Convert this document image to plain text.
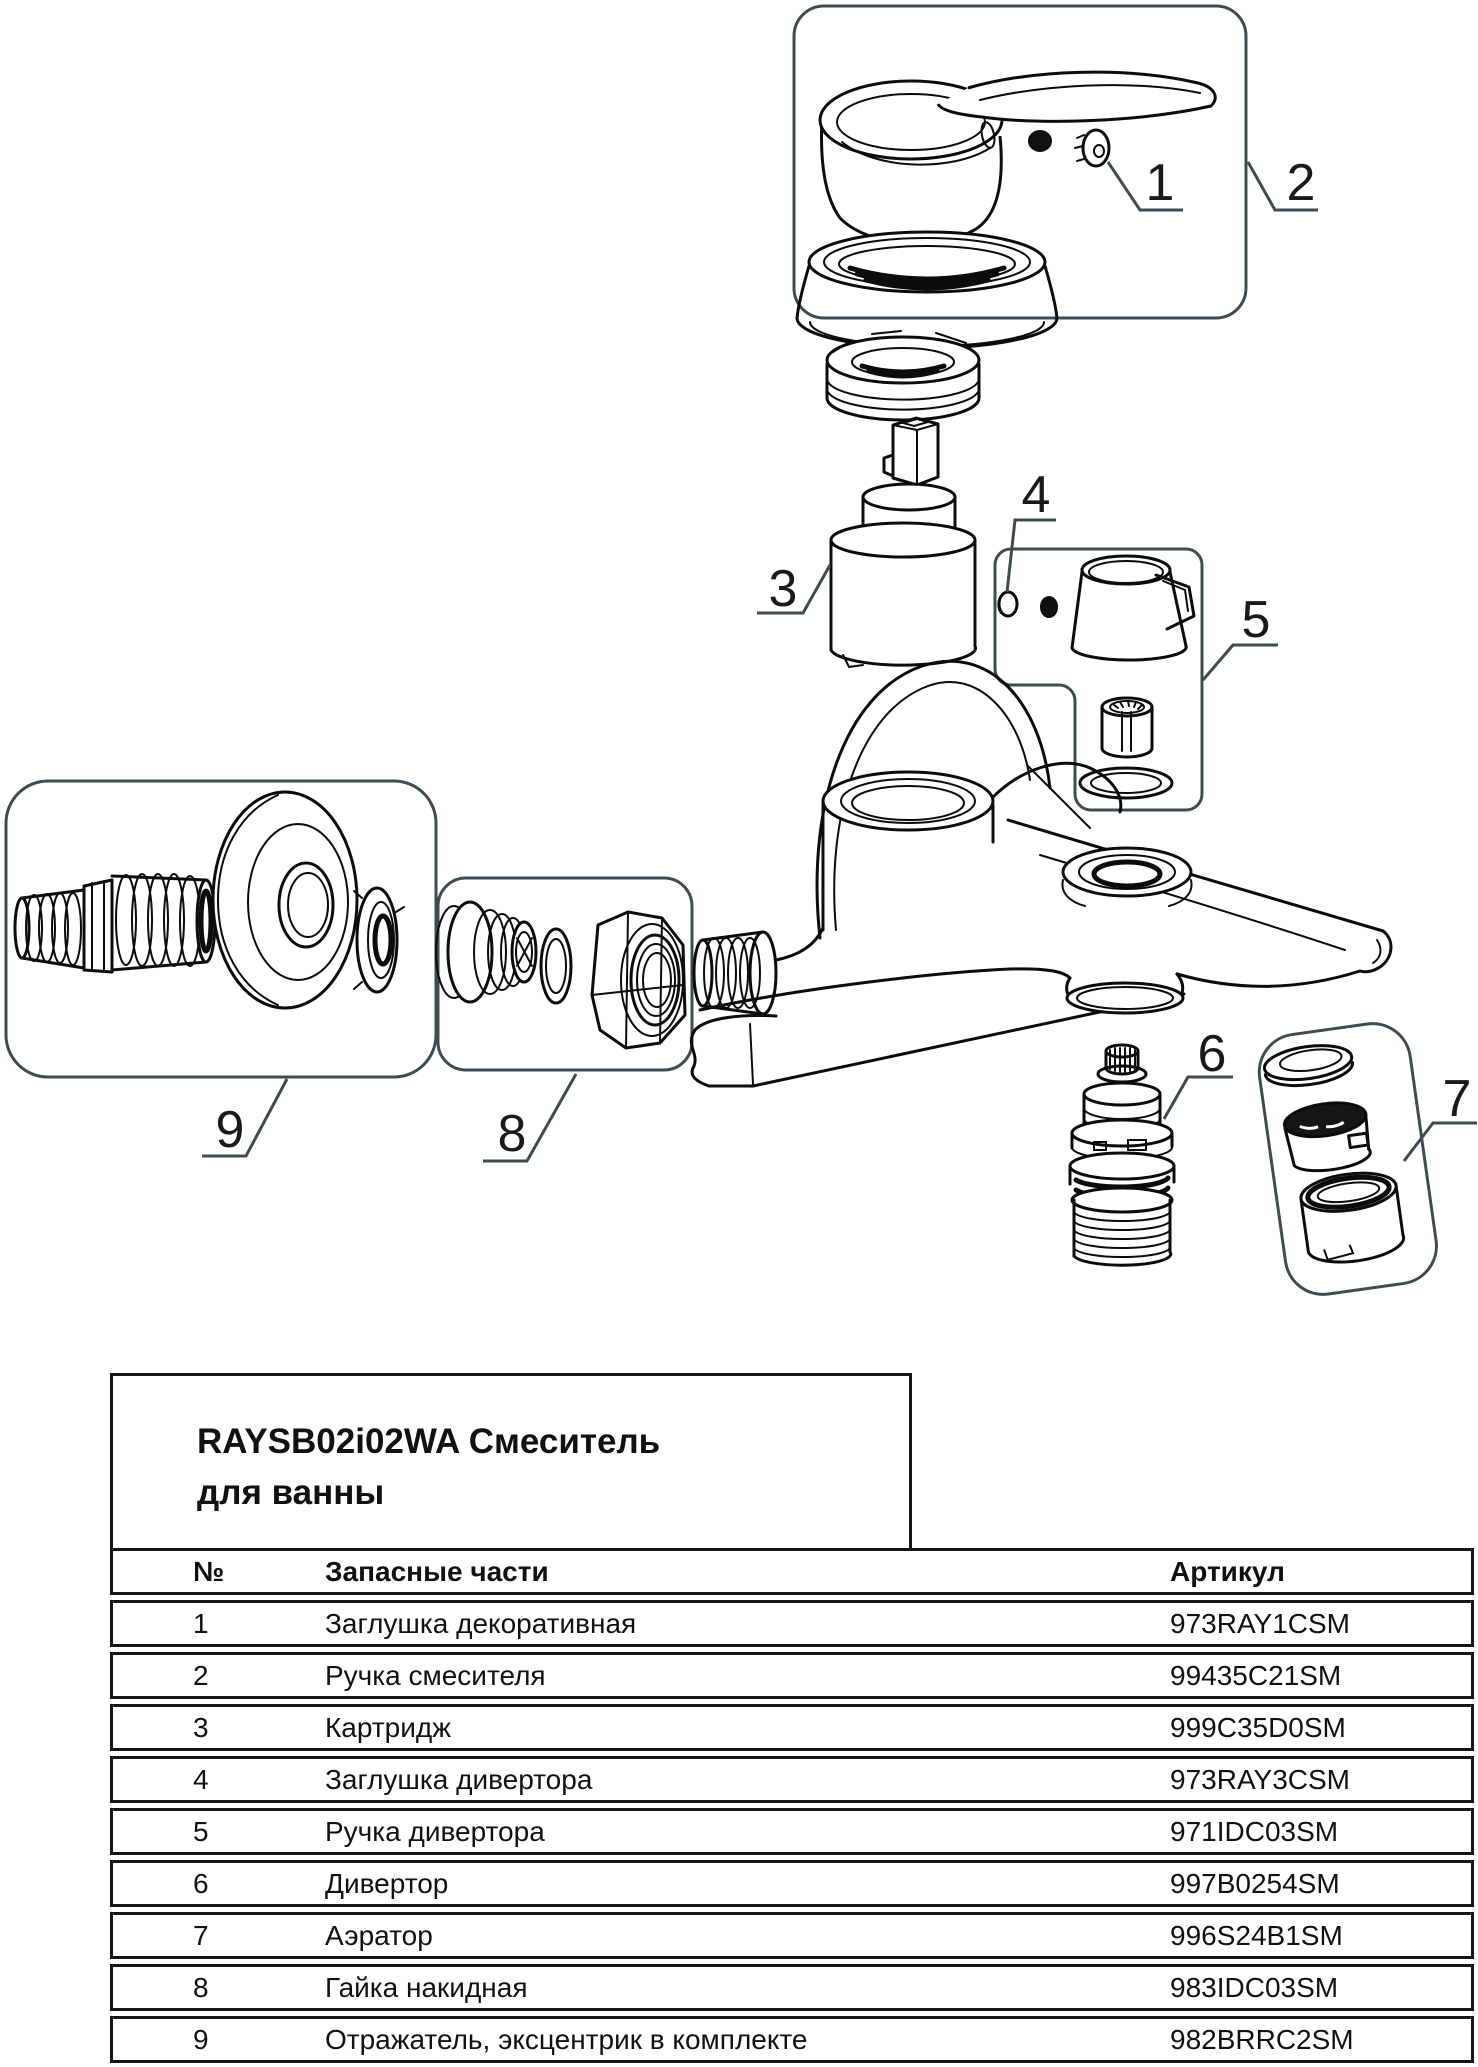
1 2
3
4
5
6
7
8
9
RAYSB02i02WA Смеситель
для ванны
№	Запасные части	Артикул
1	Заглушка декоративная	973RAY1CSM
2	Ручка смесителя	99435C21SM
3	Картридж	999C35D0SM
4	Заглушка дивертора	973RAY3CSM
5	Ручка дивертора	971IDC03SM
6	Дивертор	997B0254SM
7	Аэратор	996S24B1SM
8	Гайка накидная	983IDC03SM
9	Отражатель, эксцентрик в комплекте	982BRRC2SM
